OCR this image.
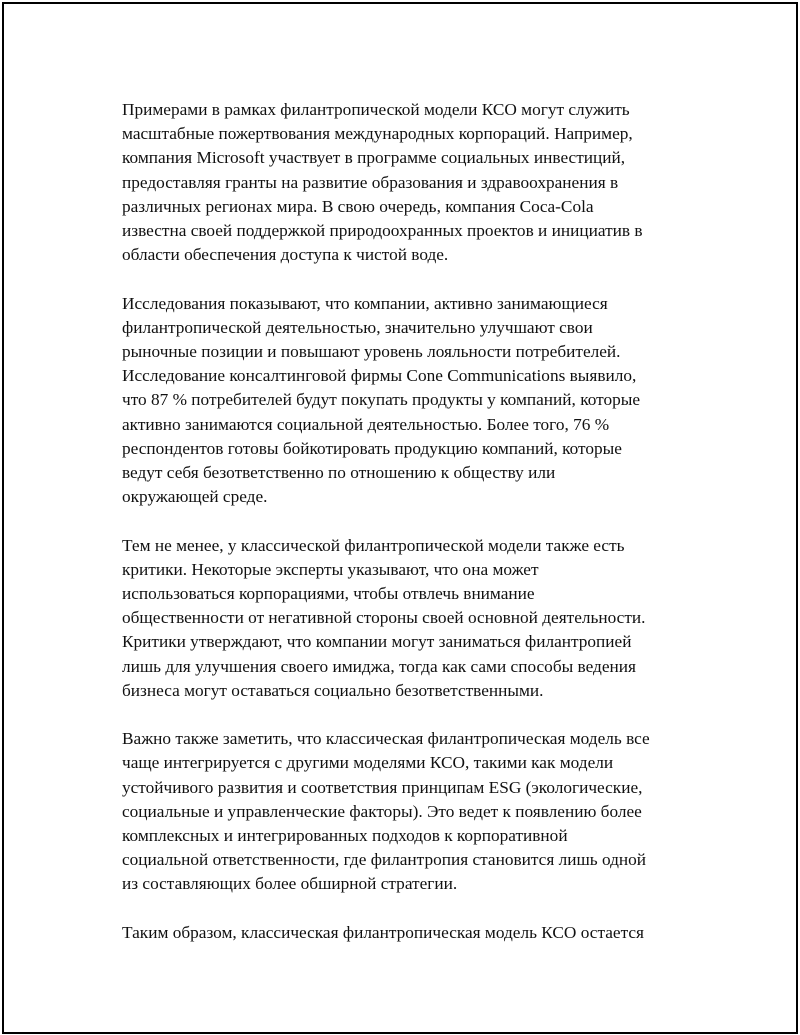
Примерами в рамках филантропической модели КСО могут служить
масштабные пожертвования международных корпораций. Например,
компания Microsoft участвует в программе социальных инвестиций,
предоставляя гранты на развитие образования и здравоохранения в
различных регионах мира. В свою очередь, компания Coca-Cola
известна своей поддержкой природоохранных проектов и инициатив в
области обеспечения доступа к чистой воде.
Исследования показывают, что компании, активно занимающиеся
филантропической деятельностью, значительно улучшают свои
рыночные позиции и повышают уровень лояльности потребителей.
Исследование консалтинговой фирмы Cone Communications выявило,
что 87 % потребителей будут покупать продукты у компаний, которые
активно занимаются социальной деятельностью. Более того, 76 %
респондентов готовы бойкотировать продукцию компаний, которые
ведут себя безответственно по отношению к обществу или
окружающей среде.
Тем не менее, у классической филантропической модели также есть
критики. Некоторые эксперты указывают, что она может
использоваться корпорациями, чтобы отвлечь внимание
общественности от негативной стороны своей основной деятельности.
Критики утверждают, что компании могут заниматься филантропией
лишь для улучшения своего имиджа, тогда как сами способы ведения
бизнеса могут оставаться социально безответственными.
Важно также заметить, что классическая филантропическая модель все
чаще интегрируется с другими моделями КСО, такими как модели
устойчивого развития и соответствия принципам ESG (экологические,
социальные и управленческие факторы). Это ведет к появлению более
комплексных и интегрированных подходов к корпоративной
социальной ответственности, где филантропия становится лишь одной
из составляющих более обширной стратегии.
Таким образом, классическая филантропическая модель КСО остается
